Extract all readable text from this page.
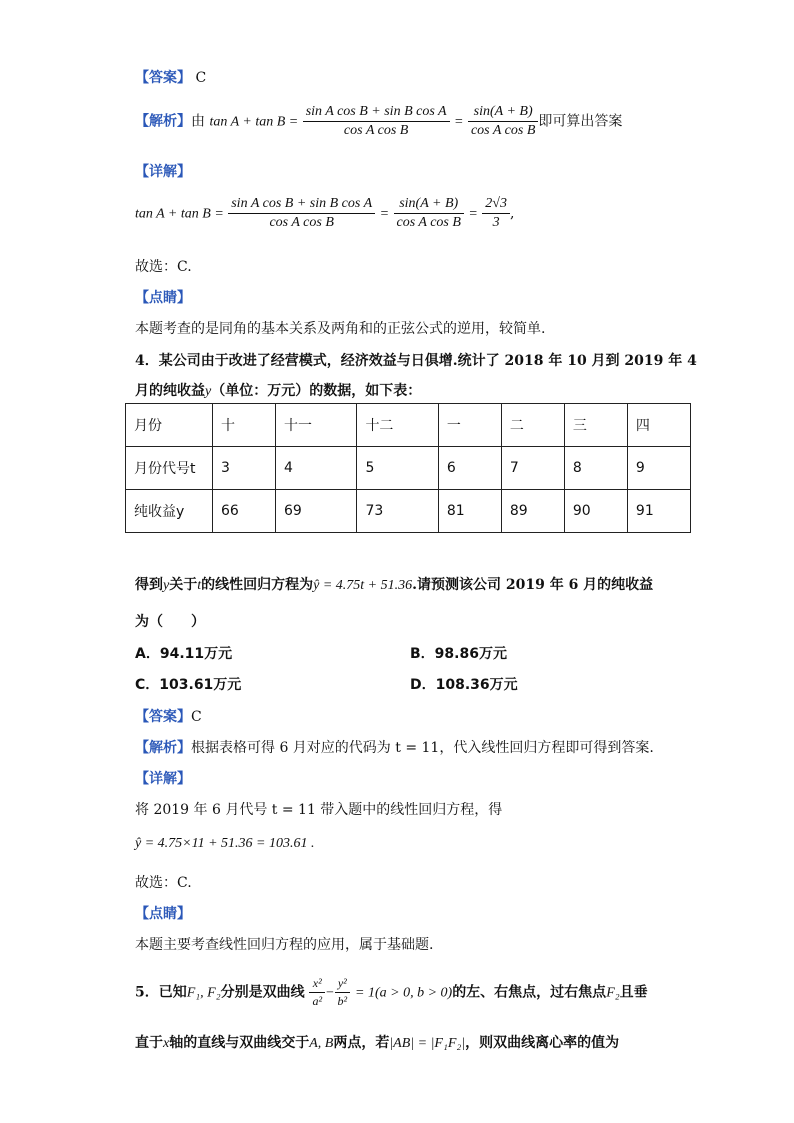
【答案】 C
【解析】由 $\tan A + \tan B = \frac{\text{sin A cos B + sin B cos A}}{\text{cos A cos B}} = \frac{\sin(A + B)}{\text{cos A cos B}}$ 即可算出答案
【详解】
$\tan A + \tan B = \frac{\text{sin A cos B + sin B cos A}}{\text{cos A cos B}} = \frac{\sin(A + B)}{\text{cos A cos B}} = \frac{2√3}{3}$ ,
故选：C.
【点睛】
本题考查的是同角的基本关系及两角和的正弦公式的逆用，较简单.
4．某公司由于改进了经营模式，经济效益与日俱增.统计了 2018 年 10 月到 2019 年 4
月的纯收益y（单位：万元）的数据，如下表：
月份	十	十一	十二	一	二	三	四
月份代号t	3	4	5	6	7	8	9
纯收益y	66	69	73	81	89	90	91
得到y关于t的线性回归方程为ŷ = 4.75t + 51.36.请预测该公司 2019 年 6 月的纯收益
为（　　）
A．94.11万元	B．98.86万元
C．103.61万元	D．108.36万元
【答案】C
【解析】根据表格可得 6 月对应的代码为 t = 11，代入线性回归方程即可得到答案.
【详解】
将 2019 年 6 月代号 t = 11 带入题中的线性回归方程，得
ŷ = 4.75×11 + 51.36 = 103.61 .
故选：C.
【点睛】
本题主要考查线性回归方程的应用，属于基础题.
5．已知F₁, F₂分别是双曲线 $\frac{\text{x²}}{\text{a²}} - \frac{\text{y²}}{\text{b²}} = 1(a > 0$, b > 0)的左、右焦点，过右焦点F₂且垂
直于x轴的直线与双曲线交于A, B两点，若|AB| = |F₁F₂|，则双曲线离心率的值为
